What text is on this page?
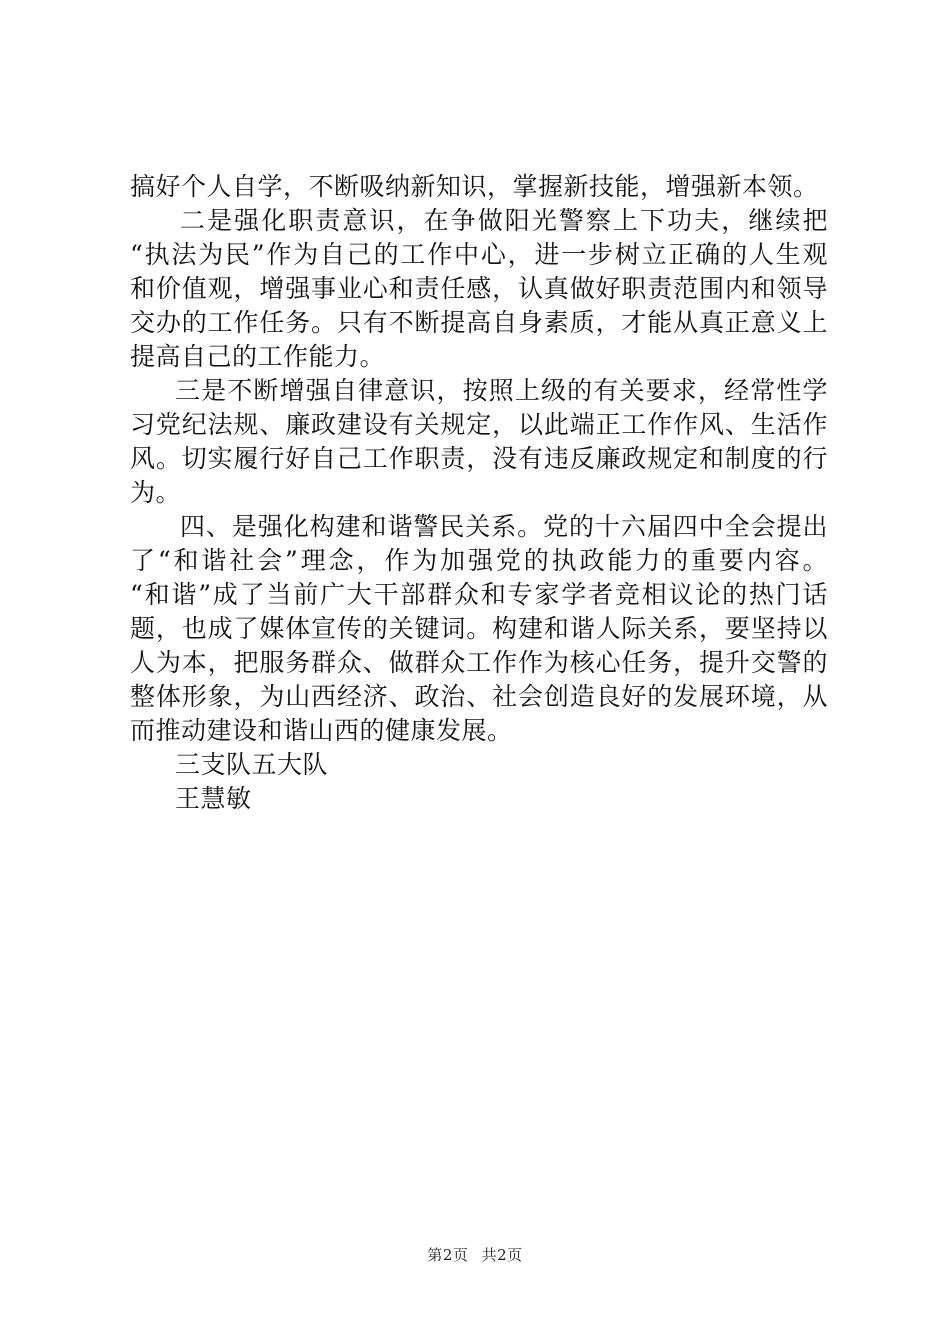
搞好个人自学，不断吸纳新知识，掌握新技能，增强新本领。
二是强化职责意识，在争做阳光警察上下功夫，继续把
“执法为民”作为自己的工作中心，进一步树立正确的人生观
和价值观，增强事业心和责任感，认真做好职责范围内和领导
交办的工作任务。只有不断提高自身素质，才能从真正意义上
提高自己的工作能力。
三是不断增强自律意识，按照上级的有关要求，经常性学
习党纪法规、廉政建设有关规定，以此端正工作作风、生活作
风。切实履行好自己工作职责，没有违反廉政规定和制度的行
为。
四、是强化构建和谐警民关系。党的十六届四中全会提出
了“和谐社会”理念，作为加强党的执政能力的重要内容。
“和谐”成了当前广大干部群众和专家学者竞相议论的热门话
题，也成了媒体宣传的关键词。构建和谐人际关系，要坚持以
人为本，把服务群众、做群众工作作为核心任务，提升交警的
整体形象，为山西经济、政治、社会创造良好的发展环境，从
而推动建设和谐山西的健康发展。
三支队五大队
王慧敏
第2页 共2页
